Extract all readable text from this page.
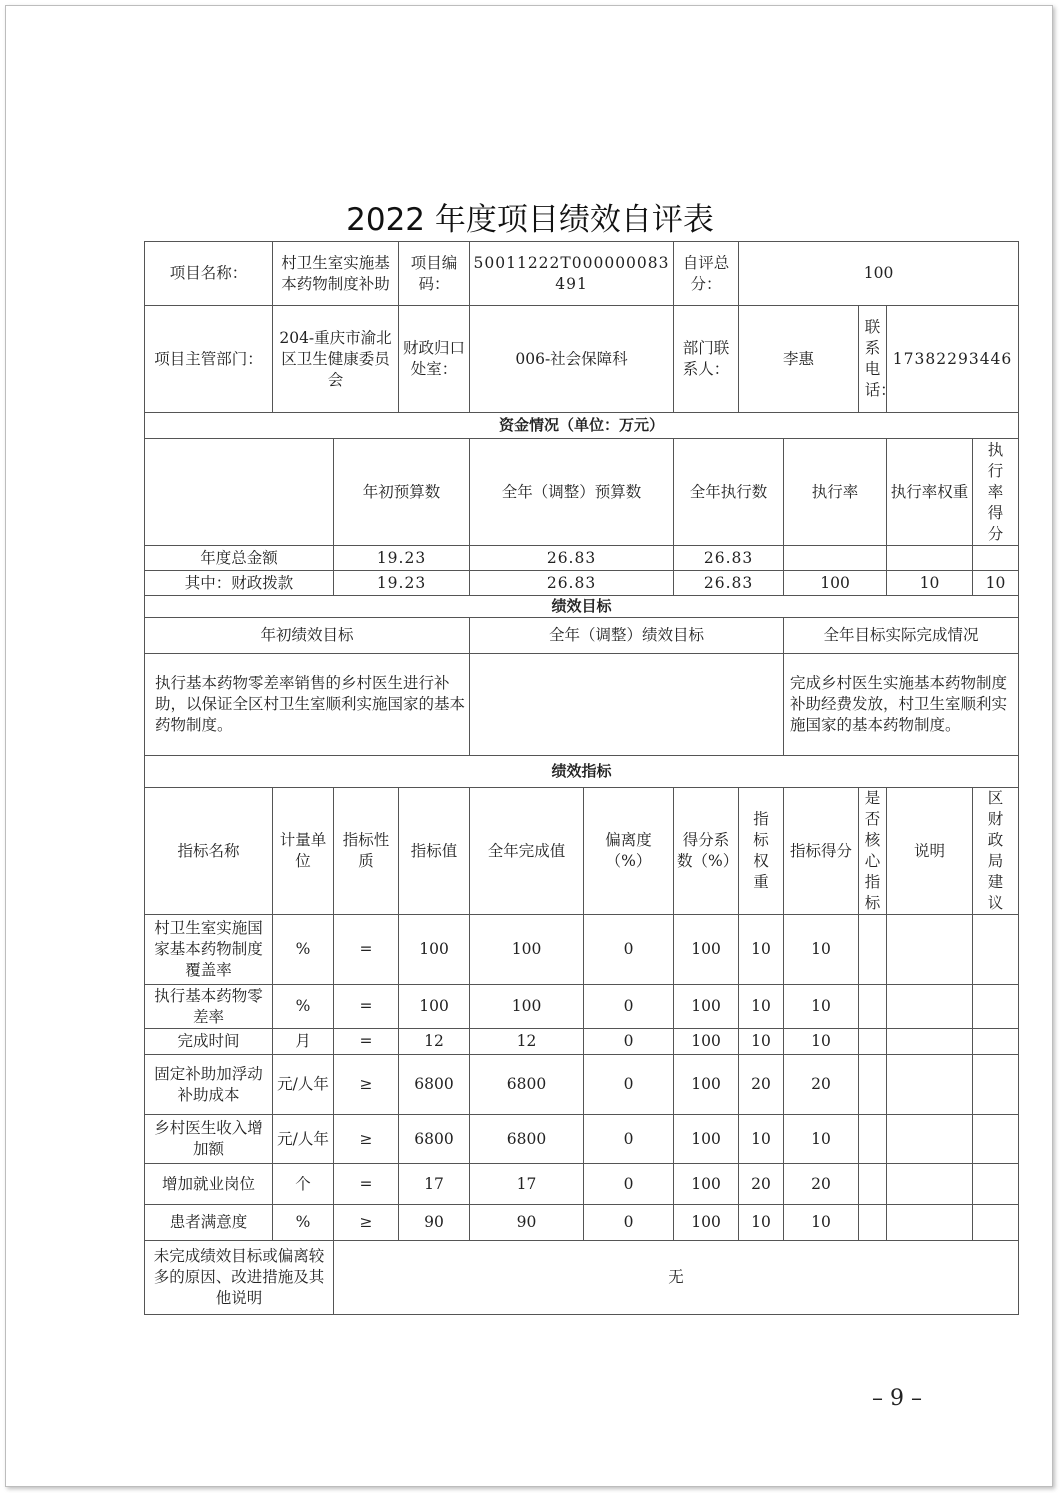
2022 年度项目绩效自评表
项目名称：	村卫生室实施基本药物制度补助		项目编码：	50011222T000000083491		自评总分：	100				
项目主管部门：	204-重庆市渝北区卫生健康委员会		财政归口处室：	006-社会保障科		部门联系人：	李惠		联系电话：	17382293446	
资金情况（单位：万元）											
		年初预算数		全年（调整）预算数		全年执行数		执行率		执行率权重	执行率得分
年度总金额		19.23		26.83		26.83					
其中：财政拨款		19.23		26.83		26.83		100		10	10
绩效目标											
年初绩效目标				全年（调整）绩效目标				全年目标实际完成情况			
执行基本药物零差率销售的乡村医生进行补助，以保证全区村卫生室顺利实施国家的基本药物制度。								完成乡村医生实施基本药物制度补助经费发放，村卫生室顺利实施国家的基本药物制度。			
绩效指标											
指标名称	计量单位	指标性质	指标值	全年完成值	偏离度（%）	得分系数（%）	指标权重	指标得分	是否核心指标	说明	区财政局建议
村卫生室实施国家基本药物制度覆盖率	%	=	100	100	0	100	10	10			
执行基本药物零差率	%	=	100	100	0	100	10	10			
完成时间	月	=	12	12	0	100	10	10			
固定补助加浮动补助成本	元/人年	≥	6800	6800	0	100	20	20			
乡村医生收入增加额	元/人年	≥	6800	6800	0	100	10	10			
增加就业岗位	个	=	17	17	0	100	20	20			
患者满意度	%	≥	90	90	0	100	10	10			
未完成绩效目标或偏离较多的原因、改进措施及其他说明		无									
– 9 –
